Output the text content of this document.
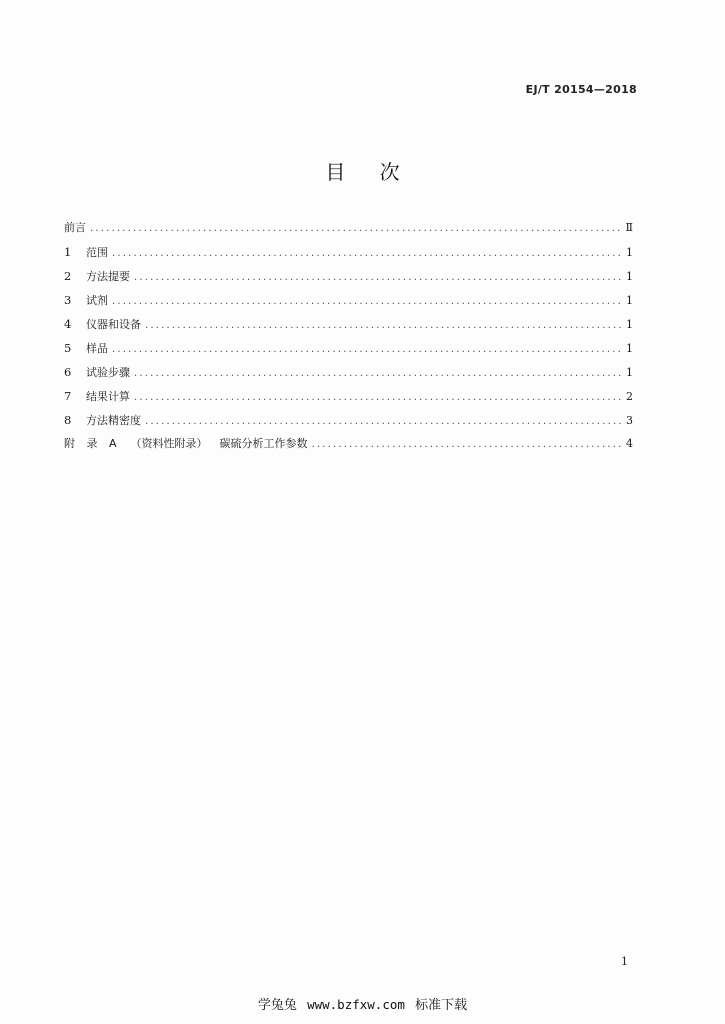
EJ/T 20154—2018
目 次
前言 .....	Ⅱ
1	范围 .....	1
2	方法提要 .....	1
3	试剂 .....	1
4	仪器和设备 .....	1
5	样品 .....	1
6	试验步骤 .....	1
7	结果计算 .....	2
8	方法精密度 .....	3
附 录 A （资料性附录） 碳硫分析工作参数 .....	4
1
学兔兔 www.bzfxw.com 标准下载
